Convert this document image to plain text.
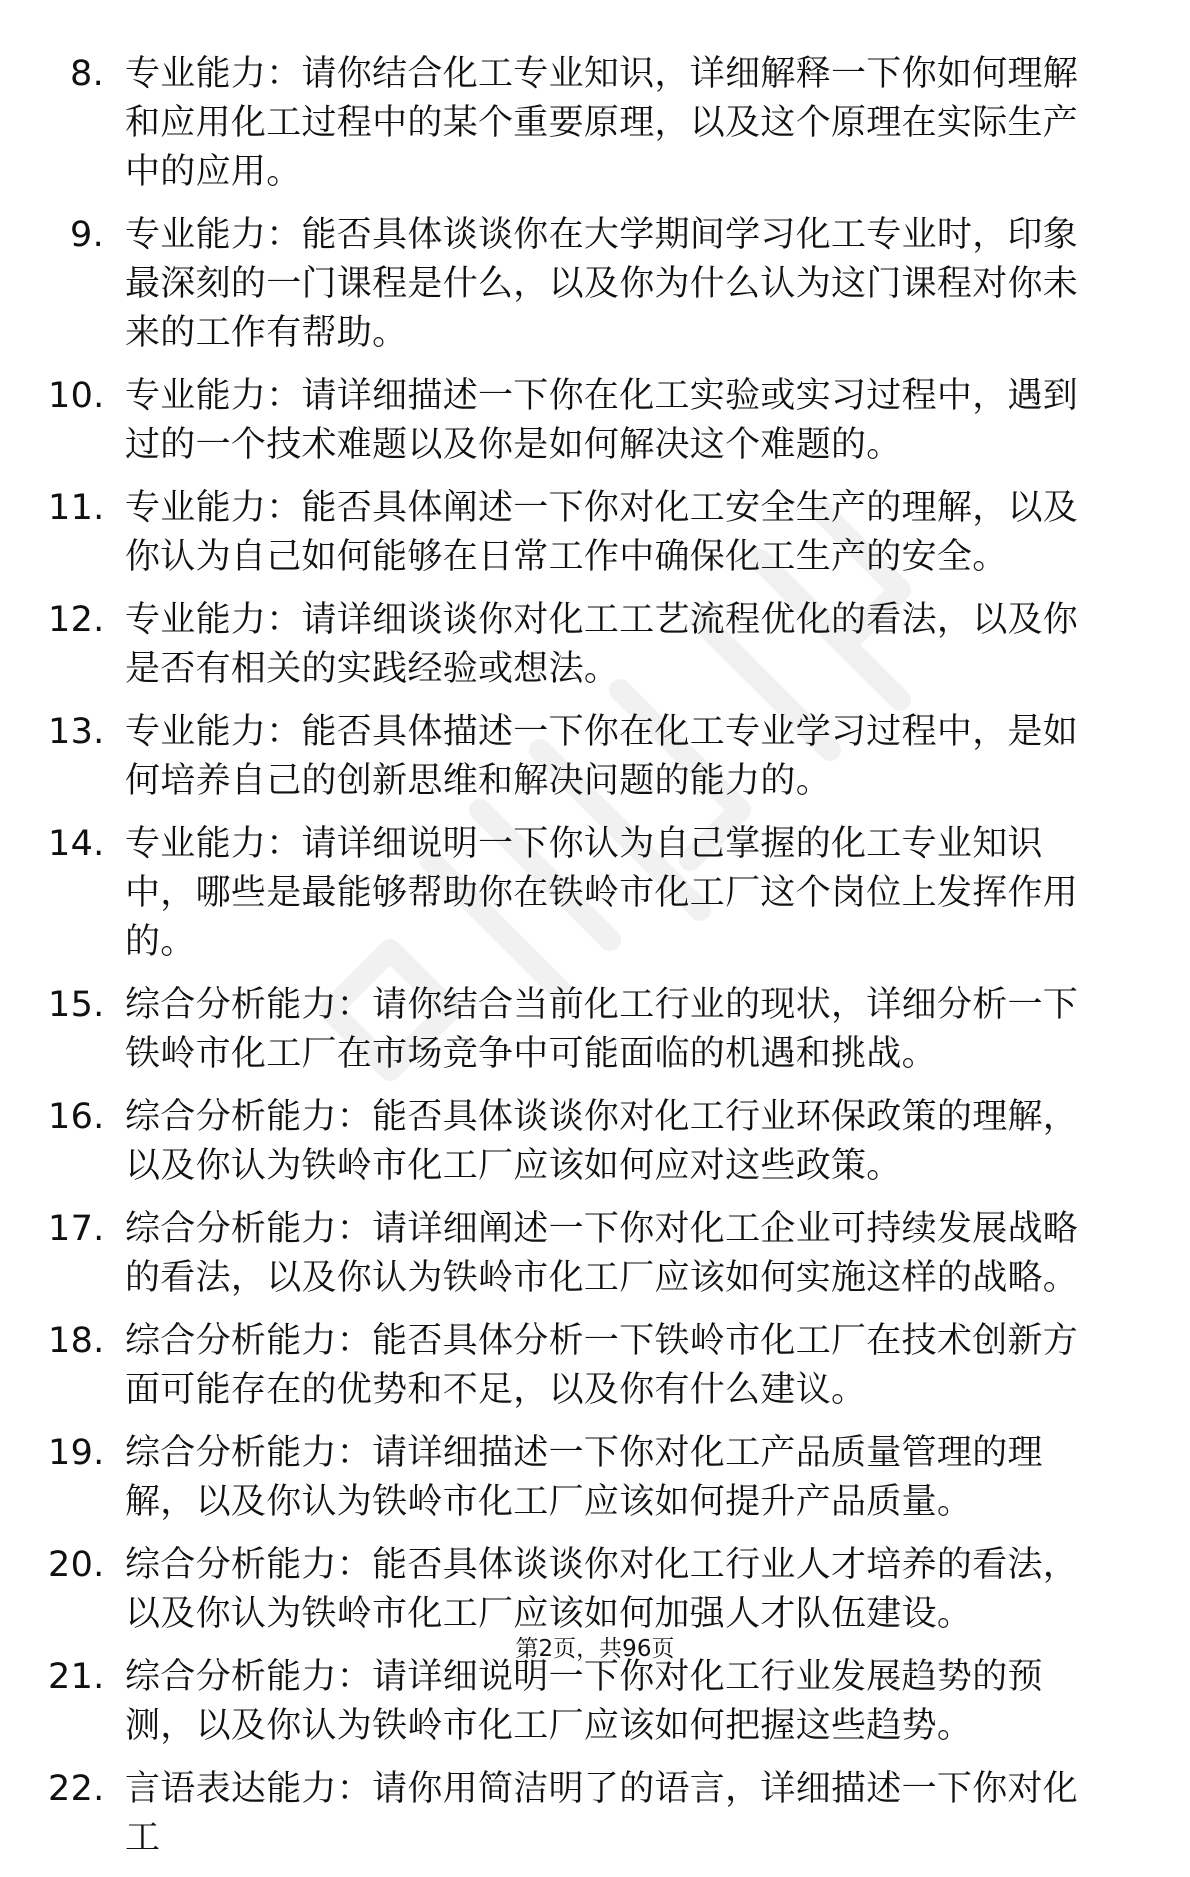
8. 专业能力：请你结合化工专业知识，详细解释一下你如何理解和应用化工过程中的某个重要原理，以及这个原理在实际生产中的应用。
9. 专业能力：能否具体谈谈你在大学期间学习化工专业时，印象最深刻的一门课程是什么，以及你为什么认为这门课程对你未来的工作有帮助。
10. 专业能力：请详细描述一下你在化工实验或实习过程中，遇到过的一个技术难题以及你是如何解决这个难题的。
11. 专业能力：能否具体阐述一下你对化工安全生产的理解，以及你认为自己如何能够在日常工作中确保化工生产的安全。
12. 专业能力：请详细谈谈你对化工工艺流程优化的看法，以及你是否有相关的实践经验或想法。
13. 专业能力：能否具体描述一下你在化工专业学习过程中，是如何培养自己的创新思维和解决问题的能力的。
14. 专业能力：请详细说明一下你认为自己掌握的化工专业知识中，哪些是最能够帮助你在铁岭市化工厂这个岗位上发挥作用的。
15. 综合分析能力：请你结合当前化工行业的现状，详细分析一下铁岭市化工厂在市场竞争中可能面临的机遇和挑战。
16. 综合分析能力：能否具体谈谈你对化工行业环保政策的理解，以及你认为铁岭市化工厂应该如何应对这些政策。
17. 综合分析能力：请详细阐述一下你对化工企业可持续发展战略的看法，以及你认为铁岭市化工厂应该如何实施这样的战略。
18. 综合分析能力：能否具体分析一下铁岭市化工厂在技术创新方面可能存在的优势和不足，以及你有什么建议。
19. 综合分析能力：请详细描述一下你对化工产品质量管理的理解，以及你认为铁岭市化工厂应该如何提升产品质量。
20. 综合分析能力：能否具体谈谈你对化工行业人才培养的看法，以及你认为铁岭市化工厂应该如何加强人才队伍建设。
21. 综合分析能力：请详细说明一下你对化工行业发展趋势的预测，以及你认为铁岭市化工厂应该如何把握这些趋势。
22. 言语表达能力：请你用简洁明了的语言，详细描述一下你对化工
第2页，共96页
